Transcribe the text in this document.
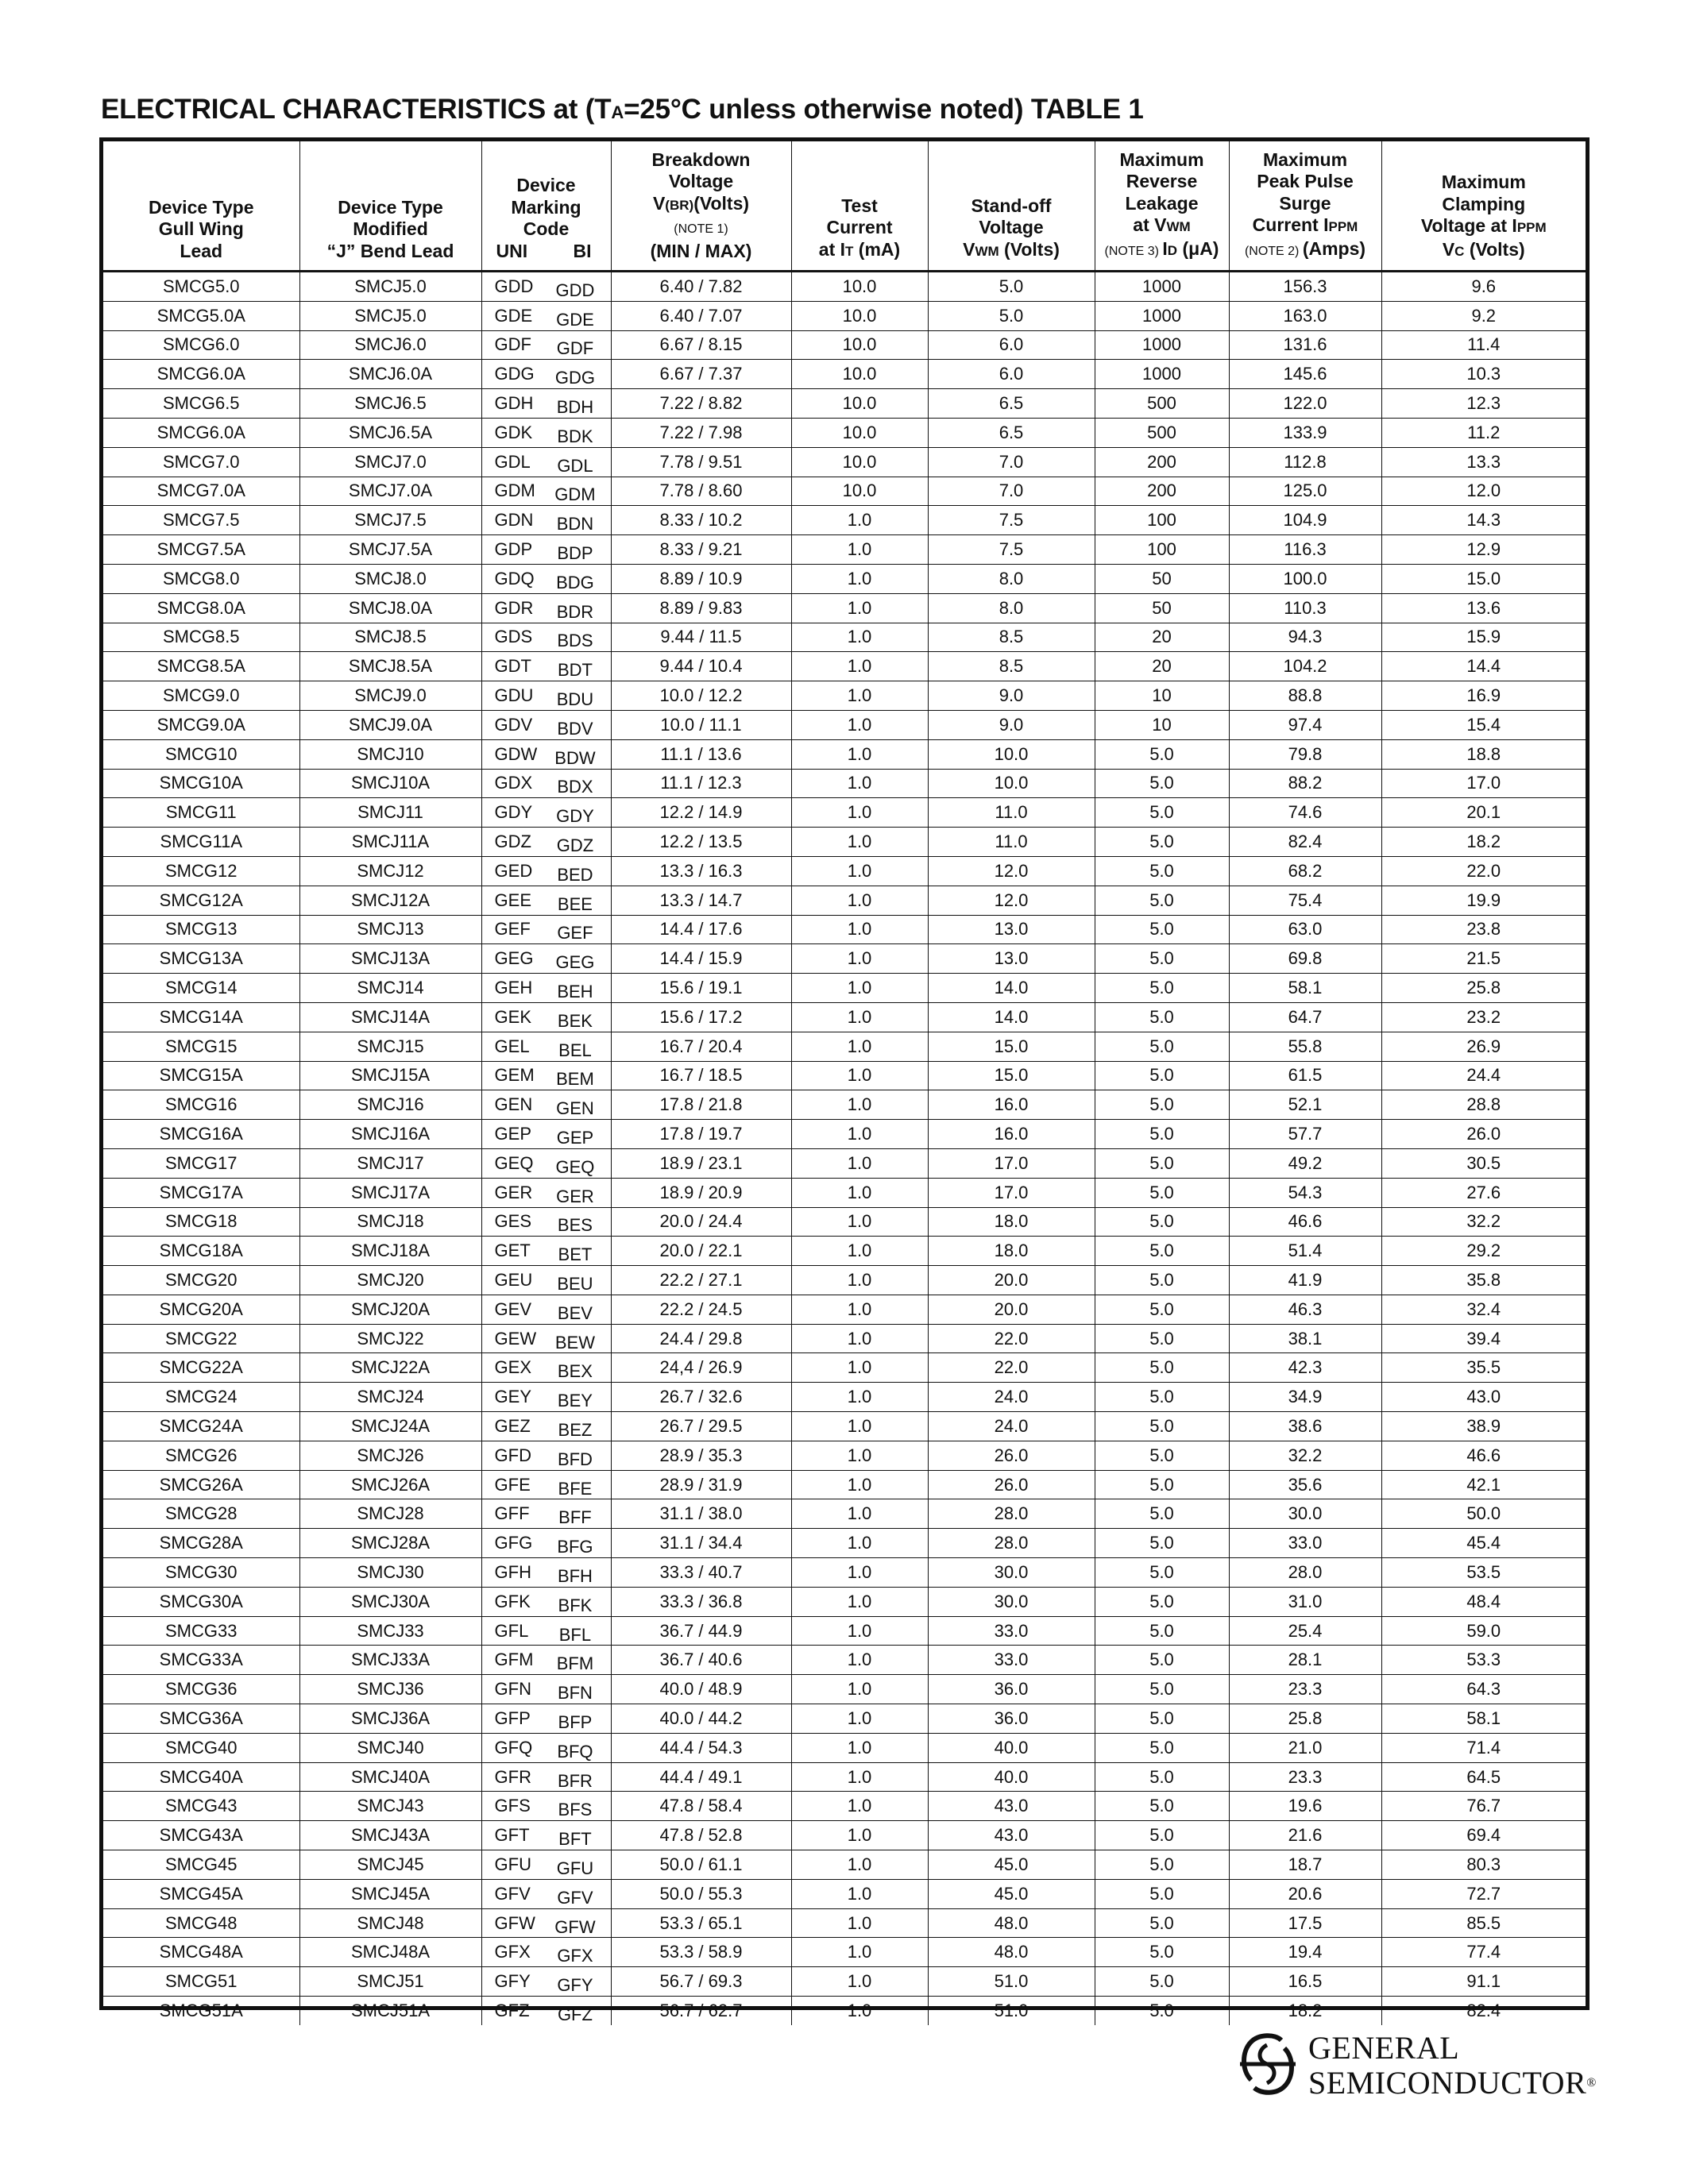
ELECTRICAL CHARACTERISTICS at (TA=25°C unless otherwise noted) TABLE 1
Device Type
Gull Wing
Lead	Device Type
Modified
“J” Bend Lead	Device
Marking
Code

UNI BI	Breakdown
Voltage
V(BR)(Volts)
(NOTE 1)
(MIN / MAX)	Test
Current
at IT (mA)	Stand-off
Voltage
VWM (Volts)	Maximum
Reverse
Leakage
at VWM
(NOTE 3) ID (μA)	Maximum
Peak Pulse
Surge
Current IPPM
(NOTE 2) (Amps)	Maximum
Clamping
Voltage at IPPM
VC (Volts)
SMCG5.0	SMCJ5.0	GDD GDD	6.40 / 7.82	10.0	5.0	1000	156.3	9.6
SMCG5.0A	SMCJ5.0	GDE GDE	6.40 / 7.07	10.0	5.0	1000	163.0	9.2
SMCG6.0	SMCJ6.0	GDF GDF	6.67 / 8.15	10.0	6.0	1000	131.6	11.4
SMCG6.0A	SMCJ6.0A	GDG GDG	6.67 / 7.37	10.0	6.0	1000	145.6	10.3
SMCG6.5	SMCJ6.5	GDH BDH	7.22 / 8.82	10.0	6.5	500	122.0	12.3
SMCG6.0A	SMCJ6.5A	GDK BDK	7.22 / 7.98	10.0	6.5	500	133.9	11.2
SMCG7.0	SMCJ7.0	GDL GDL	7.78 / 9.51	10.0	7.0	200	112.8	13.3
SMCG7.0A	SMCJ7.0A	GDM GDM	7.78 / 8.60	10.0	7.0	200	125.0	12.0
SMCG7.5	SMCJ7.5	GDN BDN	8.33 / 10.2	1.0	7.5	100	104.9	14.3
SMCG7.5A	SMCJ7.5A	GDP BDP	8.33 / 9.21	1.0	7.5	100	116.3	12.9
SMCG8.0	SMCJ8.0	GDQ BDG	8.89 / 10.9	1.0	8.0	50	100.0	15.0
SMCG8.0A	SMCJ8.0A	GDR BDR	8.89 / 9.83	1.0	8.0	50	110.3	13.6
SMCG8.5	SMCJ8.5	GDS BDS	9.44 / 11.5	1.0	8.5	20	94.3	15.9
SMCG8.5A	SMCJ8.5A	GDT BDT	9.44 / 10.4	1.0	8.5	20	104.2	14.4
SMCG9.0	SMCJ9.0	GDU BDU	10.0 / 12.2	1.0	9.0	10	88.8	16.9
SMCG9.0A	SMCJ9.0A	GDV BDV	10.0 / 11.1	1.0	9.0	10	97.4	15.4
SMCG10	SMCJ10	GDW BDW	11.1 / 13.6	1.0	10.0	5.0	79.8	18.8
SMCG10A	SMCJ10A	GDX BDX	11.1 / 12.3	1.0	10.0	5.0	88.2	17.0
SMCG11	SMCJ11	GDY GDY	12.2 / 14.9	1.0	11.0	5.0	74.6	20.1
SMCG11A	SMCJ11A	GDZ GDZ	12.2 / 13.5	1.0	11.0	5.0	82.4	18.2
SMCG12	SMCJ12	GED BED	13.3 / 16.3	1.0	12.0	5.0	68.2	22.0
SMCG12A	SMCJ12A	GEE BEE	13.3 / 14.7	1.0	12.0	5.0	75.4	19.9
SMCG13	SMCJ13	GEF GEF	14.4 / 17.6	1.0	13.0	5.0	63.0	23.8
SMCG13A	SMCJ13A	GEG GEG	14.4 / 15.9	1.0	13.0	5.0	69.8	21.5
SMCG14	SMCJ14	GEH BEH	15.6 / 19.1	1.0	14.0	5.0	58.1	25.8
SMCG14A	SMCJ14A	GEK BEK	15.6 / 17.2	1.0	14.0	5.0	64.7	23.2
SMCG15	SMCJ15	GEL BEL	16.7 / 20.4	1.0	15.0	5.0	55.8	26.9
SMCG15A	SMCJ15A	GEM BEM	16.7 / 18.5	1.0	15.0	5.0	61.5	24.4
SMCG16	SMCJ16	GEN GEN	17.8 / 21.8	1.0	16.0	5.0	52.1	28.8
SMCG16A	SMCJ16A	GEP GEP	17.8 / 19.7	1.0	16.0	5.0	57.7	26.0
SMCG17	SMCJ17	GEQ GEQ	18.9 / 23.1	1.0	17.0	5.0	49.2	30.5
SMCG17A	SMCJ17A	GER GER	18.9 / 20.9	1.0	17.0	5.0	54.3	27.6
SMCG18	SMCJ18	GES BES	20.0 / 24.4	1.0	18.0	5.0	46.6	32.2
SMCG18A	SMCJ18A	GET BET	20.0 / 22.1	1.0	18.0	5.0	51.4	29.2
SMCG20	SMCJ20	GEU BEU	22.2 / 27.1	1.0	20.0	5.0	41.9	35.8
SMCG20A	SMCJ20A	GEV BEV	22.2 / 24.5	1.0	20.0	5.0	46.3	32.4
SMCG22	SMCJ22	GEW BEW	24.4 / 29.8	1.0	22.0	5.0	38.1	39.4
SMCG22A	SMCJ22A	GEX BEX	24,4 / 26.9	1.0	22.0	5.0	42.3	35.5
SMCG24	SMCJ24	GEY BEY	26.7 / 32.6	1.0	24.0	5.0	34.9	43.0
SMCG24A	SMCJ24A	GEZ BEZ	26.7 / 29.5	1.0	24.0	5.0	38.6	38.9
SMCG26	SMCJ26	GFD BFD	28.9 / 35.3	1.0	26.0	5.0	32.2	46.6
SMCG26A	SMCJ26A	GFE BFE	28.9 / 31.9	1.0	26.0	5.0	35.6	42.1
SMCG28	SMCJ28	GFF BFF	31.1 / 38.0	1.0	28.0	5.0	30.0	50.0
SMCG28A	SMCJ28A	GFG BFG	31.1 / 34.4	1.0	28.0	5.0	33.0	45.4
SMCG30	SMCJ30	GFH BFH	33.3 / 40.7	1.0	30.0	5.0	28.0	53.5
SMCG30A	SMCJ30A	GFK BFK	33.3 / 36.8	1.0	30.0	5.0	31.0	48.4
SMCG33	SMCJ33	GFL BFL	36.7 / 44.9	1.0	33.0	5.0	25.4	59.0
SMCG33A	SMCJ33A	GFM BFM	36.7 / 40.6	1.0	33.0	5.0	28.1	53.3
SMCG36	SMCJ36	GFN BFN	40.0 / 48.9	1.0	36.0	5.0	23.3	64.3
SMCG36A	SMCJ36A	GFP BFP	40.0 / 44.2	1.0	36.0	5.0	25.8	58.1
SMCG40	SMCJ40	GFQ BFQ	44.4 / 54.3	1.0	40.0	5.0	21.0	71.4
SMCG40A	SMCJ40A	GFR BFR	44.4 / 49.1	1.0	40.0	5.0	23.3	64.5
SMCG43	SMCJ43	GFS BFS	47.8 / 58.4	1.0	43.0	5.0	19.6	76.7
SMCG43A	SMCJ43A	GFT BFT	47.8 / 52.8	1.0	43.0	5.0	21.6	69.4
SMCG45	SMCJ45	GFU GFU	50.0 / 61.1	1.0	45.0	5.0	18.7	80.3
SMCG45A	SMCJ45A	GFV GFV	50.0 / 55.3	1.0	45.0	5.0	20.6	72.7
SMCG48	SMCJ48	GFW GFW	53.3 / 65.1	1.0	48.0	5.0	17.5	85.5
SMCG48A	SMCJ48A	GFX GFX	53.3 / 58.9	1.0	48.0	5.0	19.4	77.4
SMCG51	SMCJ51	GFY GFY	56.7 / 69.3	1.0	51.0	5.0	16.5	91.1
SMCG51A	SMCJ51A	GFZ GFZ	56.7 / 62.7	1.0	51.0	5.0	18.2	82.4
GENERAL
SEMICONDUCTOR®
